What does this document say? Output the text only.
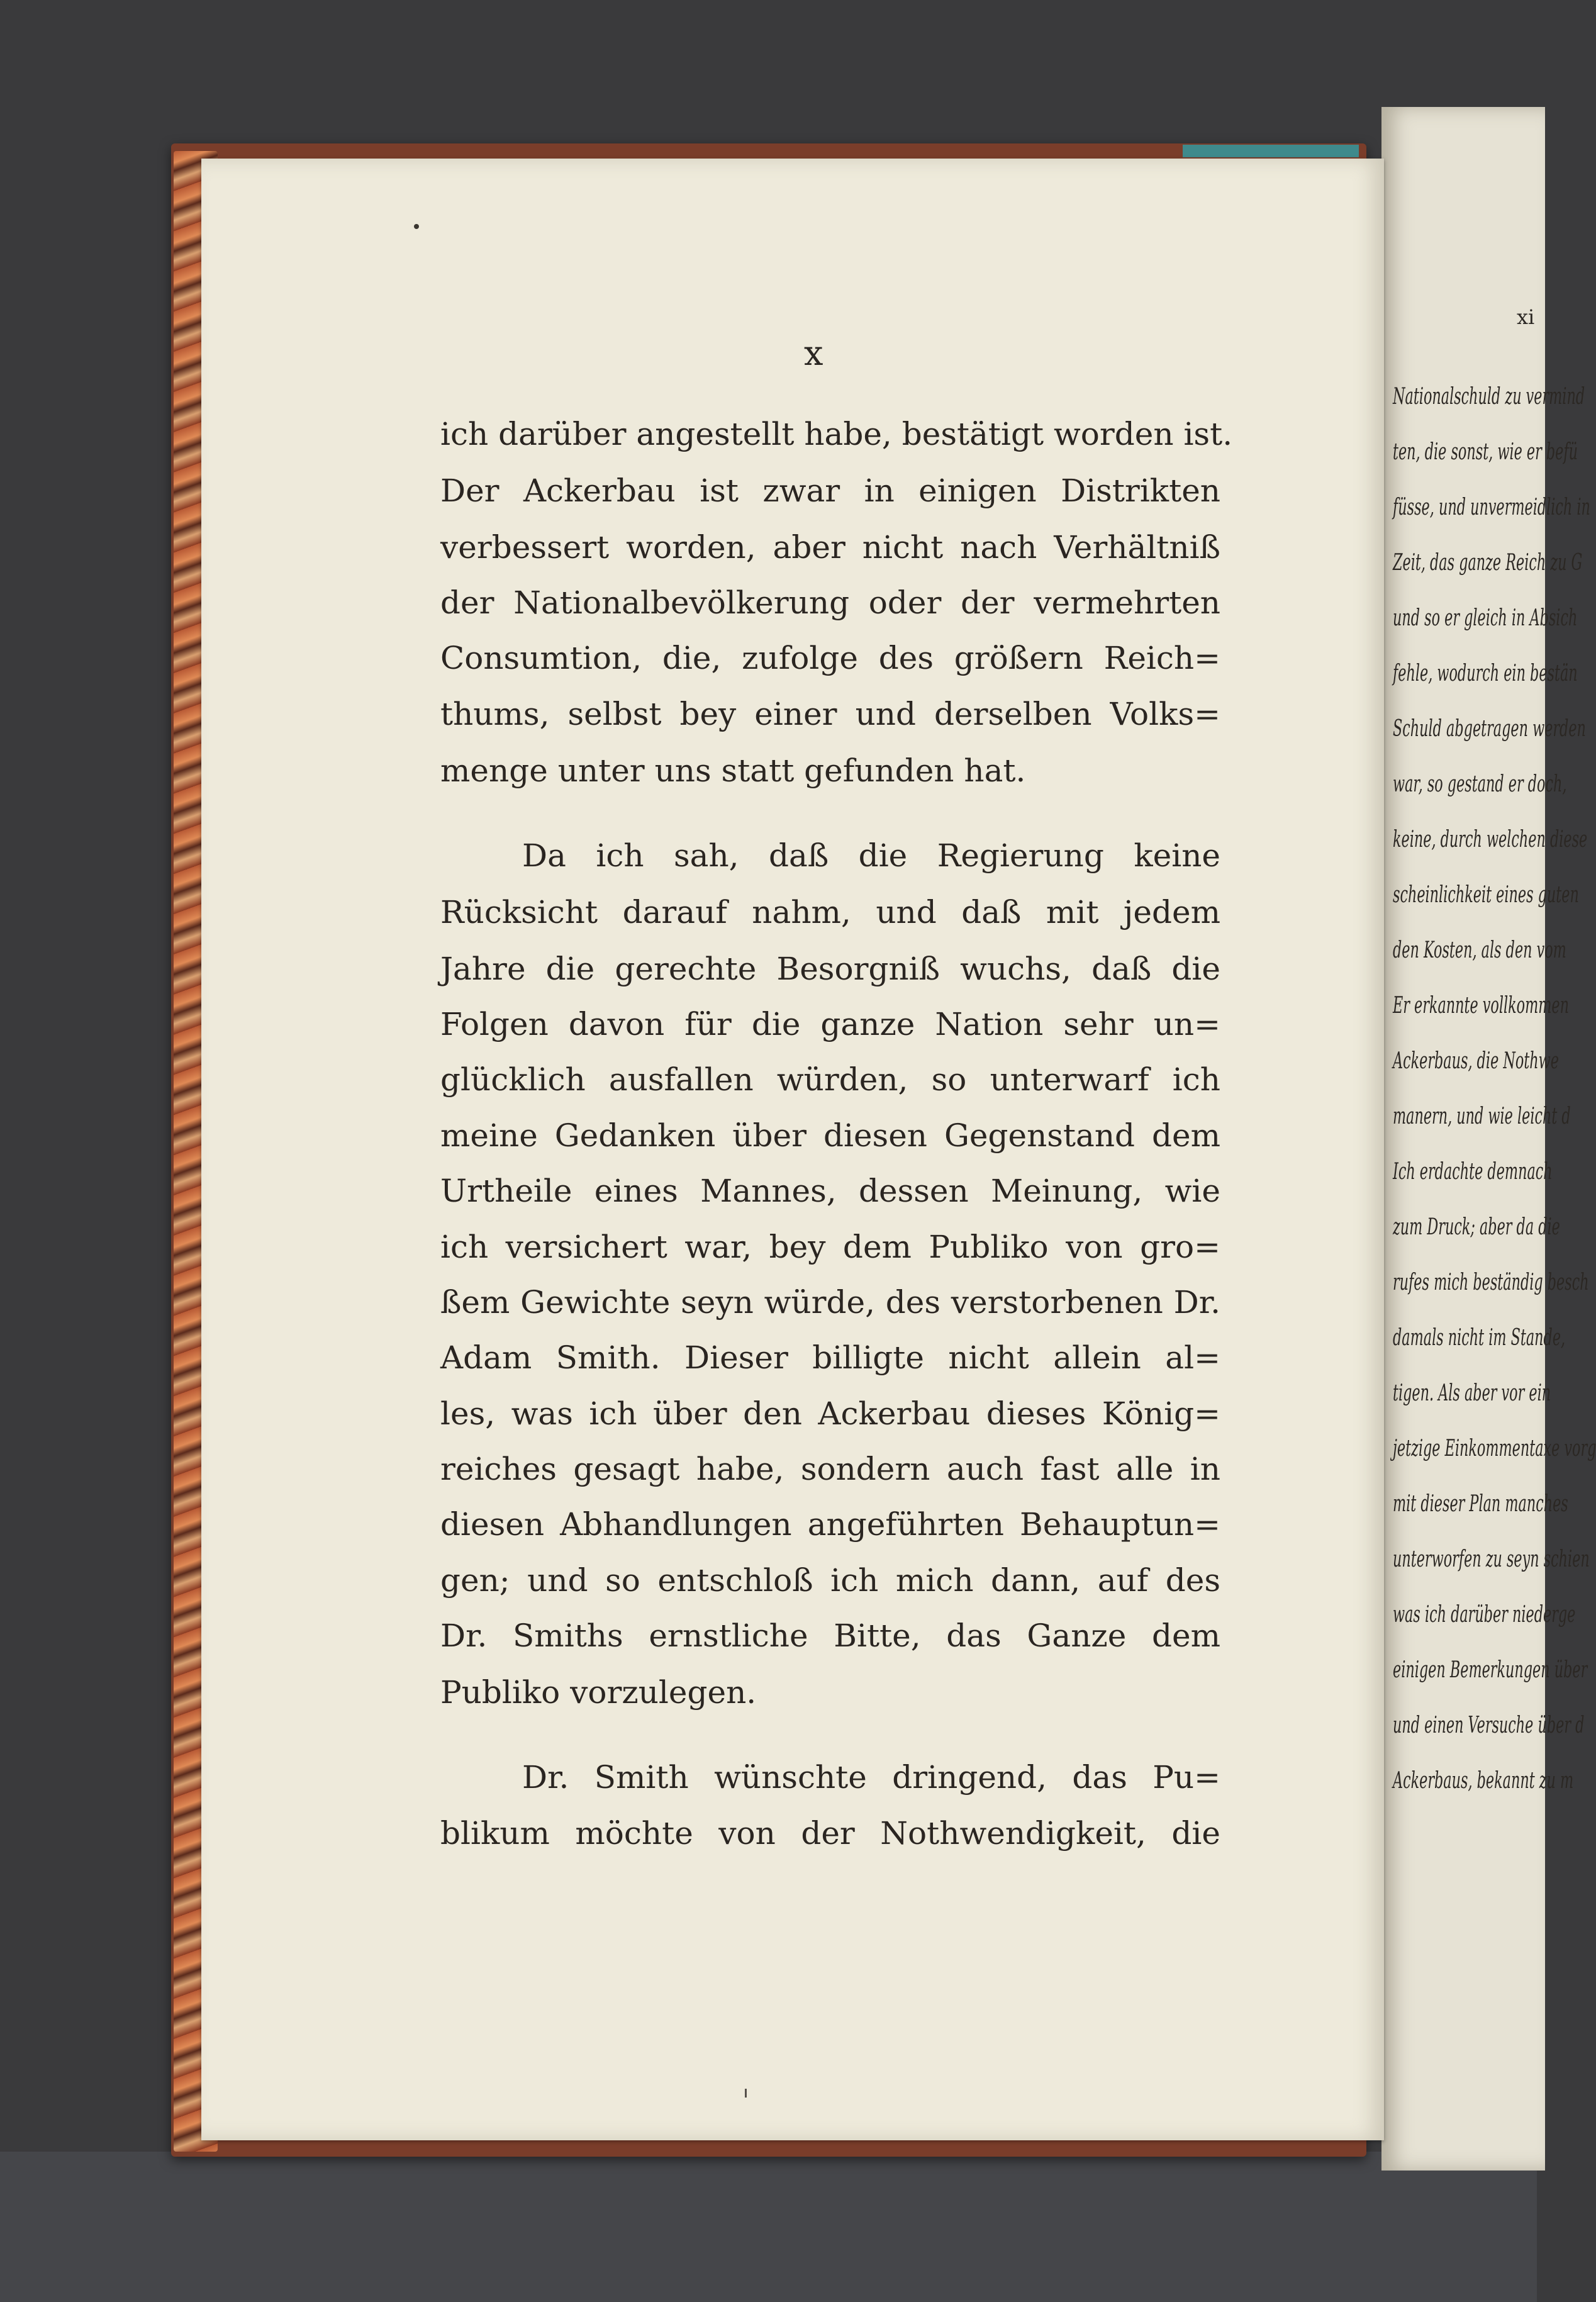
xi
Nationalschuld zu vermind
ten, die sonst, wie er befü
füsse, und unvermeidlich in
Zeit, das ganze Reich zu G
und so er gleich in Absich
fehle, wodurch ein bestän
Schuld abgetragen werden
war, so gestand er doch,
keine, durch welchen diese
scheinlichkeit eines guten
den Kosten, als den vom
Er erkannte vollkommen
Ackerbaus, die Nothwe
manern, und wie leicht d
Ich erdachte demnach
zum Druck; aber da die
rufes mich beständig besch
damals nicht im Stande,
tigen. Als aber vor ein
jetzige Einkommentaxe vorg
mit dieser Plan manches
unterworfen zu seyn schien
was ich darüber niederge
einigen Bemerkungen über
und einen Versuche über d
Ackerbaus, bekannt zu m
x
ich darüber angestellt habe, bestätigt worden ist.
Der Ackerbau ist zwar in einigen Distrikten
verbessert worden, aber nicht nach Verhältniß
der Nationalbevölkerung oder der vermehrten
Consumtion, die, zufolge des größern Reich=
thums, selbst bey einer und derselben Volks=
menge unter uns statt gefunden hat.
Da ich sah, daß die Regierung keine
Rücksicht darauf nahm, und daß mit jedem
Jahre die gerechte Besorgniß wuchs, daß die
Folgen davon für die ganze Nation sehr un=
glücklich ausfallen würden, so unterwarf ich
meine Gedanken über diesen Gegenstand dem
Urtheile eines Mannes, dessen Meinung, wie
ich versichert war, bey dem Publiko von gro=
ßem Gewichte seyn würde, des verstorbenen Dr.
Adam Smith. Dieser billigte nicht allein al=
les, was ich über den Ackerbau dieses König=
reiches gesagt habe, sondern auch fast alle in
diesen Abhandlungen angeführten Behauptun=
gen; und so entschloß ich mich dann, auf des
Dr. Smiths ernstliche Bitte, das Ganze dem
Publiko vorzulegen.
Dr. Smith wünschte dringend, das Pu=
blikum möchte von der Nothwendigkeit, die
